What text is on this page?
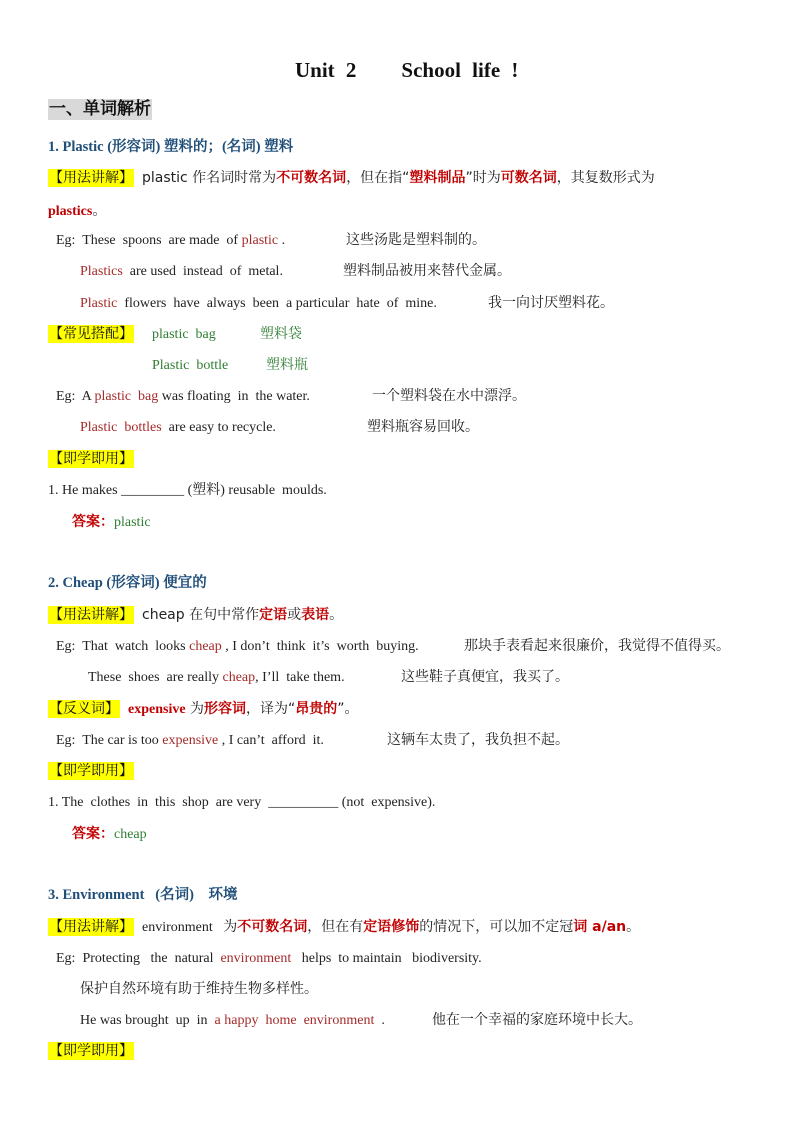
Unit 2    School life !
一、单词解析
1. Plastic (形容词) 塑料的；(名词) 塑料
【用法讲解】 plastic 作名词时常为不可数名词，但在指“塑料制品”时为可数名词，其复数形式为
plastics。
Eg:  These  spoons  are made  of plastic .	这些汤匙是塑料制的。
Plastics  are used  instead  of  metal.	塑料制品被用来替代金属。
Plastic  flowers  have  always  been  a particular  hate  of  mine.	我一向讨厌塑料花。
【常见搭配】 plastic  bag	塑料袋
Plastic  bottle	塑料瓶
Eg:  A plastic  bag was floating  in  the water.	一个塑料袋在水中漂浮。
Plastic  bottles  are easy to recycle.	塑料瓶容易回收。
【即学即用】
1. He makes _________ (塑料) reusable  moulds.
答案：plastic
2. Cheap (形容词) 便宜的
【用法讲解】 cheap 在句中常作定语或表语。
Eg:  That  watch  looks cheap , I don’t  think  it’s  worth  buying.	那块手表看起来很廉价，我觉得不值得买。
These  shoes  are really cheap, I’ll  take them.	这些鞋子真便宜，我买了。
【反义词】 expensive 为形容词，译为“昂贵的”。
Eg:  The car is too expensive , I can’t  afford  it.	这辆车太贵了，我负担不起。
【即学即用】
1. The  clothes  in  this  shop  are very  __________ (not  expensive).
答案：cheap
3. Environment   (名词)    环境
【用法讲解】 environment   为不可数名词，但在有定语修饰的情况下，可以加不定冠词 a/an。
Eg:  Protecting   the  natural  environment   helps  to maintain   biodiversity.
保护自然环境有助于维持生物多样性。
He was brought  up  in  a happy  home  environment  .	他在一个幸福的家庭环境中长大。
【即学即用】
